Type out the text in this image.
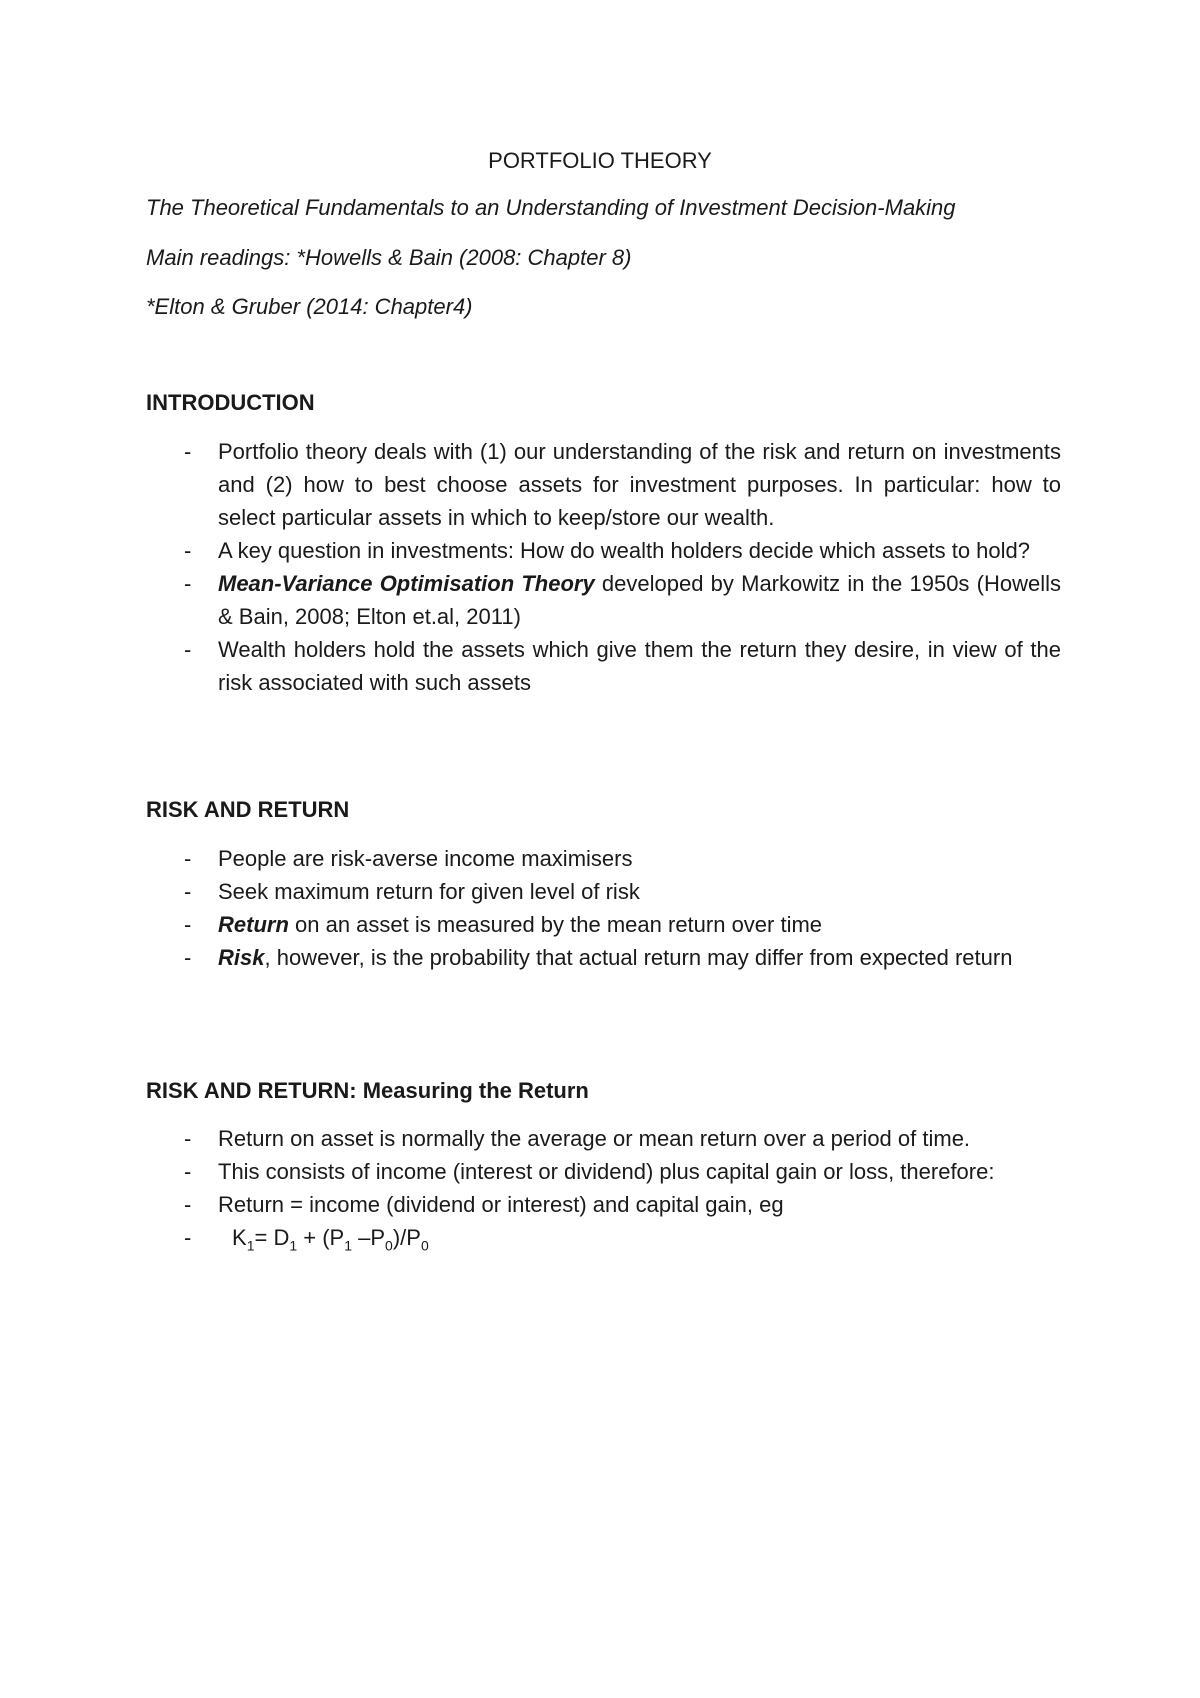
PORTFOLIO THEORY
The Theoretical Fundamentals to an Understanding of Investment Decision-Making
Main readings: *Howells & Bain (2008: Chapter 8)
*Elton & Gruber (2014: Chapter4)
INTRODUCTION
- Portfolio theory deals with (1) our understanding of the risk and return on investments and (2) how to best choose assets for investment purposes. In particular: how to select particular assets in which to keep/store our wealth.
- A key question in investments: How do wealth holders decide which assets to hold?
- Mean-Variance Optimisation Theory developed by Markowitz in the 1950s (Howells & Bain, 2008; Elton et.al, 2011)
- Wealth holders hold the assets which give them the return they desire, in view of the risk associated with such assets
RISK AND RETURN
- People are risk-averse income maximisers
- Seek maximum return for given level of risk
- Return on an asset is measured by the mean return over time
- Risk, however, is the probability that actual return may differ from expected return
RISK AND RETURN: Measuring the Return
- Return on asset is normally the average or mean return over a period of time.
- This consists of income (interest or dividend) plus capital gain or loss, therefore:
- Return = income (dividend or interest) and capital gain, eg
- $K_1= D_1 + (P_1$ $-P_0)/P_0$
